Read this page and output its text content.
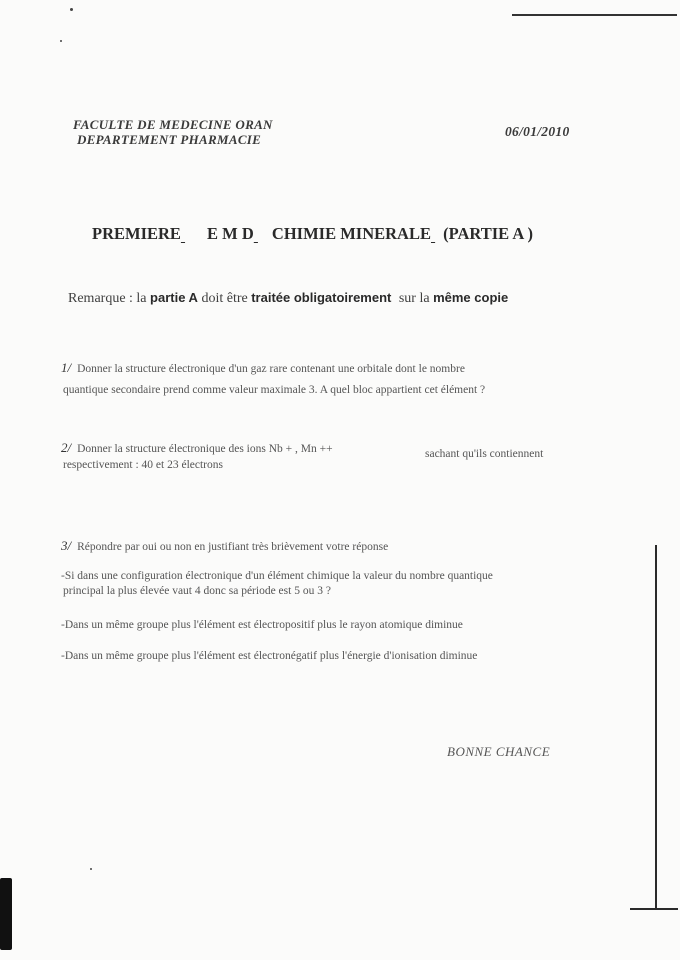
FACULTE DE MEDECINE ORAN
DEPARTEMENT PHARMACIE
06/01/2010
PREMIERE E M D CHIMIE MINERALE (PARTIE A )
Remarque : la partie A doit être traitée obligatoirement sur la même copie
1/ Donner la structure électronique d'un gaz rare contenant une orbitale dont le nombre
quantique secondaire prend comme valeur maximale 3. A quel bloc appartient cet élément ?
2/ Donner la structure électronique des ions Nb + , Mn ++	sachant qu'ils contiennent
respectivement : 40 et 23 électrons
3/ Répondre par oui ou non en justifiant très brièvement votre réponse
-Si dans une configuration électronique d'un élément chimique la valeur du nombre quantique
principal la plus élevée vaut 4 donc sa période est 5 ou 3 ?
-Dans un même groupe plus l'élément est électropositif plus le rayon atomique diminue
-Dans un même groupe plus l'élément est électronégatif plus l'énergie d'ionisation diminue
BONNE CHANCE
